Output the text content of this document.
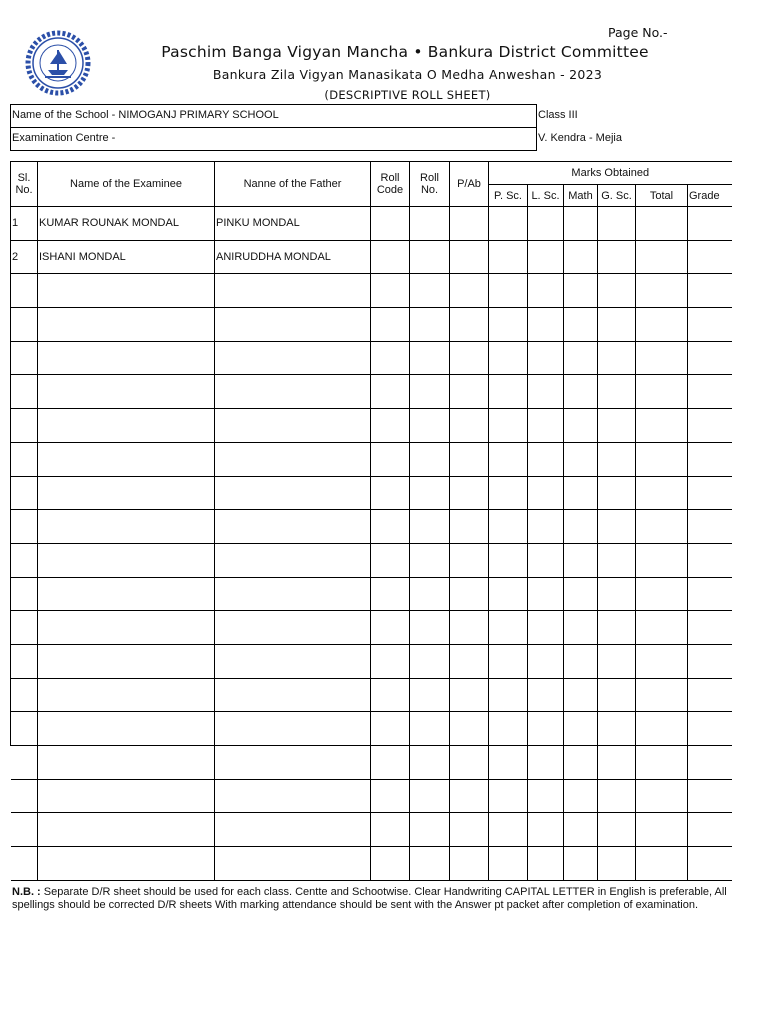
Page No.-
Paschim Banga Vigyan Mancha • Bankura District Committee
Bankura Zila Vigyan Manasikata O Medha Anweshan - 2023
(DESCRIPTIVE ROLL SHEET)
Name of the School - NIMOGANJ PRIMARY SCHOOL	Class III
Examination Centre -	V. Kendra - Mejia
Sl. No.	Name of the Examinee	Nanne of the Father	Roll Code	Roll No.	P/Ab	Marks Obtained					
						P. Sc.	L. Sc.	Math	G. Sc.	Total	Grade
1	KUMAR ROUNAK MONDAL	PINKU MONDAL									
2	ISHANI MONDAL	ANIRUDDHA MONDAL									

N.B. : Separate D/R sheet should be used for each class. Centte and Schootwise. Clear Handwriting CAPITAL LETTER in English is preferable, All spellings should be corrected D/R sheets With marking attendance should be sent with the Answer pt packet after completion of examination.
